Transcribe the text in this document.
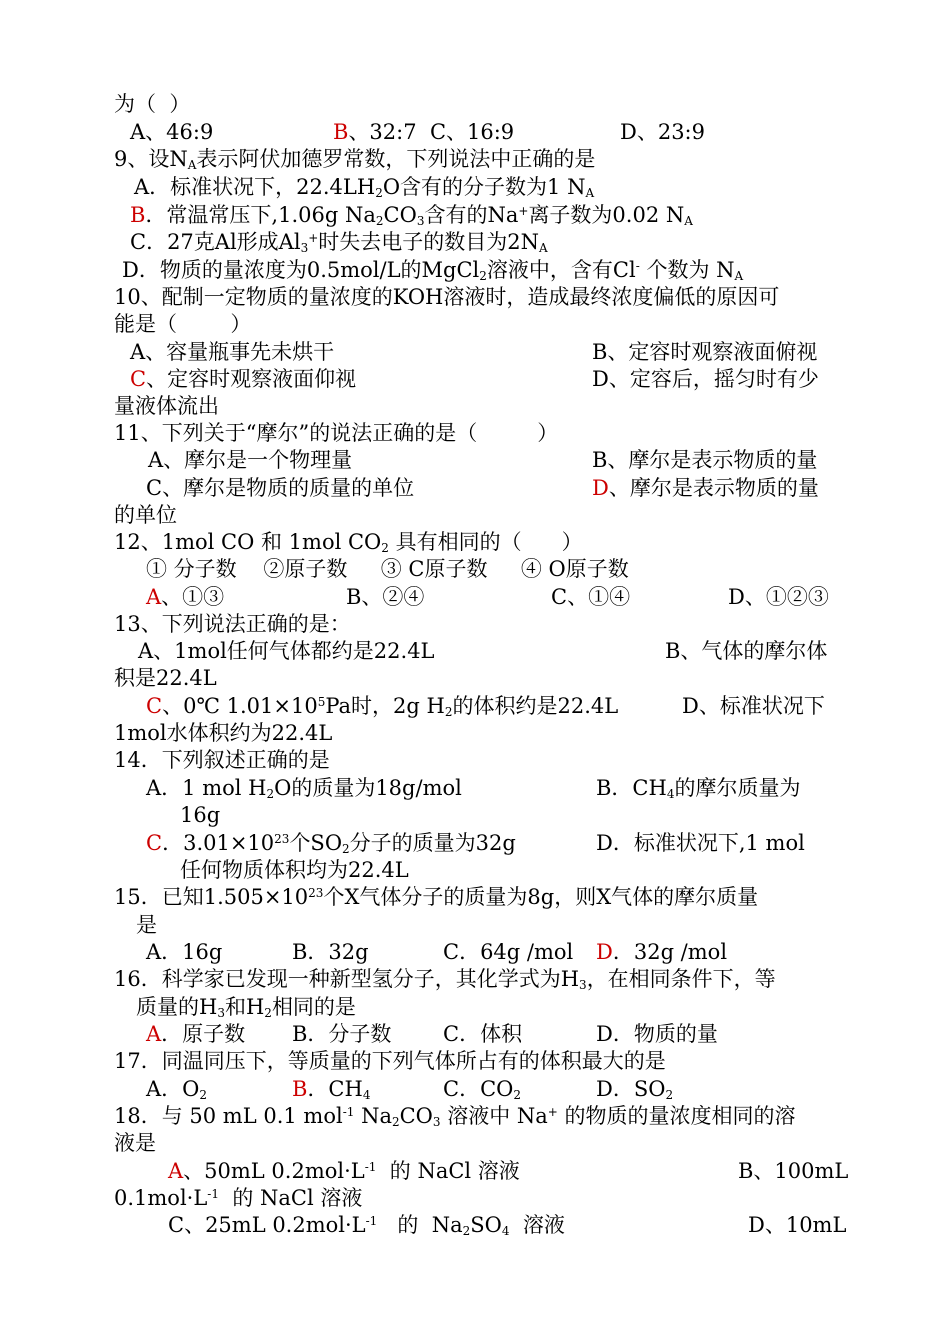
为（  ）
A、46:9	B、32:7  C、16:9	D、23:9
9、设$N_A$表示阿伏加德罗常数，下列说法中正确的是
A．标准状况下，$22.4LH_2O$含有的分子数为1 $N_A$
B．常温常压下,1.06g $Na_2CO_3$含有的Na+离子数为0.02 $N_A$
C．27克Al形成$Al_3^+$时失去电子的数目为$2N_A$
D．物质的量浓度为0.5mol/L的MgCl$_2$溶液中，含有Cl- 个数为 $N_A$
10、配制一定物质的量浓度的KOH溶液时，造成最终浓度偏低的原因可
能是（        ）
A、容量瓶事先未烘干	B、定容时观察液面俯视
C、定容时观察液面仰视	D、定容后，摇匀时有少
量液体流出
11、下列关于“摩尔”的说法正确的是（         ）
A、摩尔是一个物理量	B、摩尔是表示物质的量
C、摩尔是物质的质量的单位	D、摩尔是表示物质的量
的单位
12、1mol CO 和 1mol $CO_2$ 具有相同的（      ）
① 分子数    ②原子数     ③ C原子数     ④ O原子数
A、①③	B、②④	C、①④	D、①②③
13、下列说法正确的是：
A、1mol任何气体都约是22.4L	B、气体的摩尔体
积是22.4L
C、0℃ $1.01\times 10^5Pa$时，2g $H_2$的体积约是22.4L	D、标准状况下
1mol水体积约为22.4L
14．下列叙述正确的是
A．1 mol $H_2O$的质量为18g/mol	B．$CH_4$的摩尔质量为
16g
C．$3.01\times 10^{23}$个$SO_2$分子的质量为32g	D．标准状况下,1 mol
任何物质体积均为22.4L
15．已知$1.505\times 10^{23}$个X气体分子的质量为8g，则X气体的摩尔质量
是
A．16g	B．32g	C．64g /mol D．32g /mol
16．科学家已发现一种新型氢分子，其化学式为$H_3$，在相同条件下，等
质量的$H_3$和$H_2$相同的是
A．原子数 B．分子数 C．体积	D．物质的量
17．同温同压下，等质量的下列气体所占有的体积最大的是
A．$O_2$	B．$CH_4$	C．$CO_2$	D．$SO_2$
18．与 50 mL 0.1 mol$^{-1}$ $Na_2CO_3$ 溶液中 Na+ 的物质的量浓度相同的溶
液是
A、50mL $0.2mol\cdot L^{-1}$  的 NaCl 溶液	B、100mL
$0.1mol\cdot L^{-1}$  的 NaCl 溶液
C、25mL $0.2mol\cdot L^{-1}$   的  $Na_2SO_4$  溶液	D、10mL
